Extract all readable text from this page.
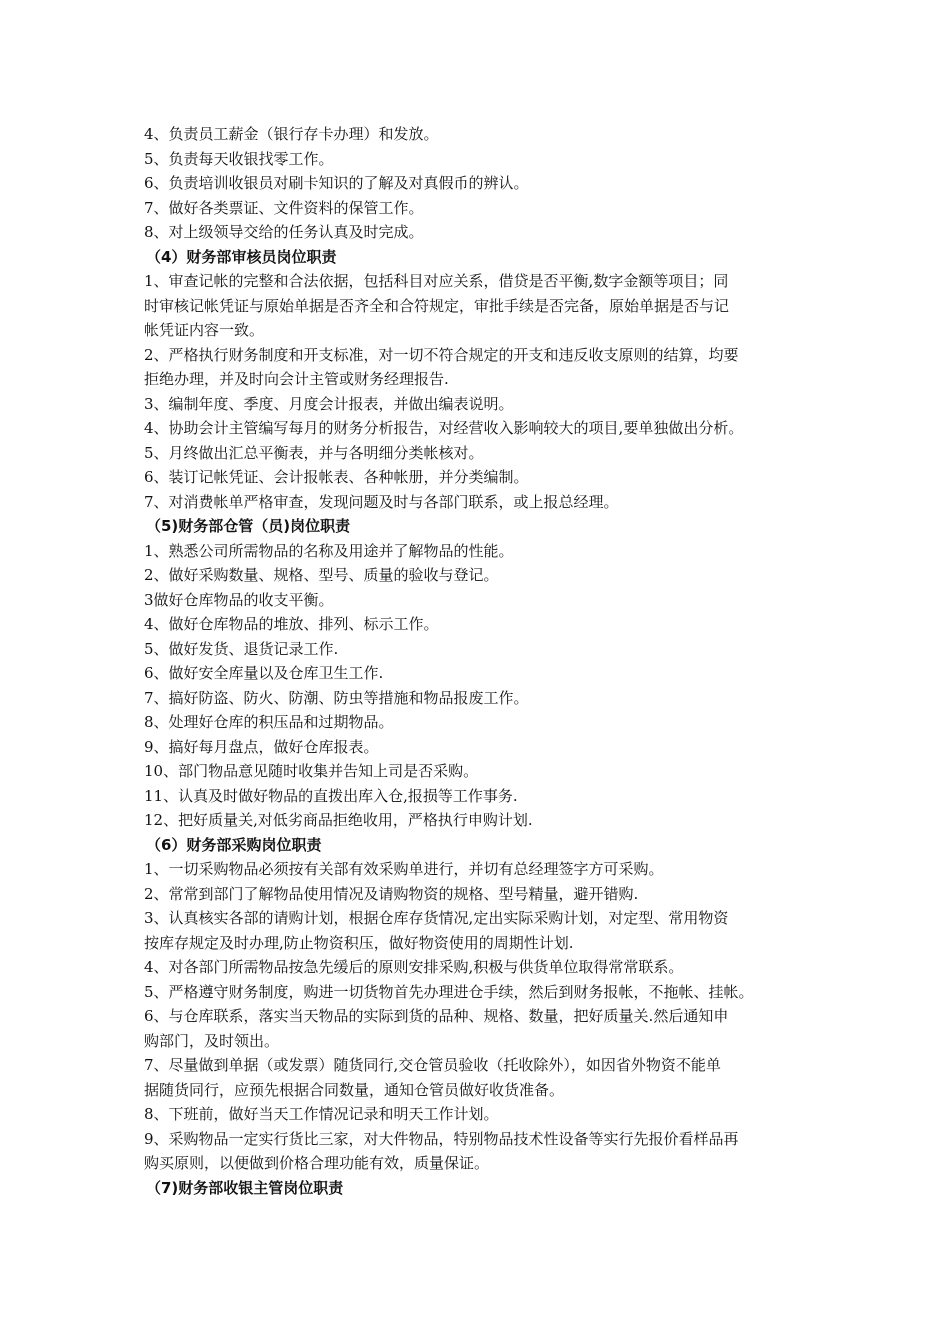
4、负责员工薪金（银行存卡办理）和发放。
5、负责每天收银找零工作。
6、负责培训收银员对刷卡知识的了解及对真假币的辨认。
7、做好各类票证、文件资料的保管工作。
8、对上级领导交给的任务认真及时完成。
（4）财务部审核员岗位职责
1、审查记帐的完整和合法依据，包括科目对应关系，借贷是否平衡,数字金额等项目；同
时审核记帐凭证与原始单据是否齐全和合符规定，审批手续是否完备，原始单据是否与记
帐凭证内容一致。
2、严格执行财务制度和开支标准，对一切不符合规定的开支和违反收支原则的结算，均要
拒绝办理，并及时向会计主管或财务经理报告.
3、编制年度、季度、月度会计报表，并做出编表说明。
4、协助会计主管编写每月的财务分析报告，对经营收入影响较大的项目,要单独做出分析。
5、月终做出汇总平衡表，并与各明细分类帐核对。
6、装订记帐凭证、会计报帐表、各种帐册，并分类编制。
7、对消费帐单严格审查，发现问题及时与各部门联系，或上报总经理。
（5)财务部仓管（员)岗位职责
1、熟悉公司所需物品的名称及用途并了解物品的性能。
2、做好采购数量、规格、型号、质量的验收与登记。
3做好仓库物品的收支平衡。
4、做好仓库物品的堆放、排列、标示工作。
5、做好发货、退货记录工作.
6、做好安全库量以及仓库卫生工作.
7、搞好防盗、防火、防潮、防虫等措施和物品报废工作。
8、处理好仓库的积压品和过期物品。
9、搞好每月盘点，做好仓库报表。
10、部门物品意见随时收集并告知上司是否采购。
11、认真及时做好物品的直拨出库入仓,报损等工作事务.
12、把好质量关,对低劣商品拒绝收用，严格执行申购计划.
（6）财务部采购岗位职责
1、一切采购物品必须按有关部有效采购单进行，并切有总经理签字方可采购。
2、常常到部门了解物品使用情况及请购物资的规格、型号精量，避开错购.
3、认真核实各部的请购计划，根据仓库存货情况,定出实际采购计划，对定型、常用物资
按库存规定及时办理,防止物资积压，做好物资使用的周期性计划.
4、对各部门所需物品按急先缓后的原则安排采购,积极与供货单位取得常常联系。
5、严格遵守财务制度，购进一切货物首先办理进仓手续，然后到财务报帐，不拖帐、挂帐。
6、与仓库联系，落实当天物品的实际到货的品种、规格、数量，把好质量关.然后通知申
购部门，及时领出。
7、尽量做到单据（或发票）随货同行,交仓管员验收（托收除外），如因省外物资不能单
据随货同行，应预先根据合同数量，通知仓管员做好收货准备。
8、下班前，做好当天工作情况记录和明天工作计划。
9、采购物品一定实行货比三家，对大件物品，特别物品技术性设备等实行先报价看样品再
购买原则，以便做到价格合理功能有效，质量保证。
（7)财务部收银主管岗位职责
